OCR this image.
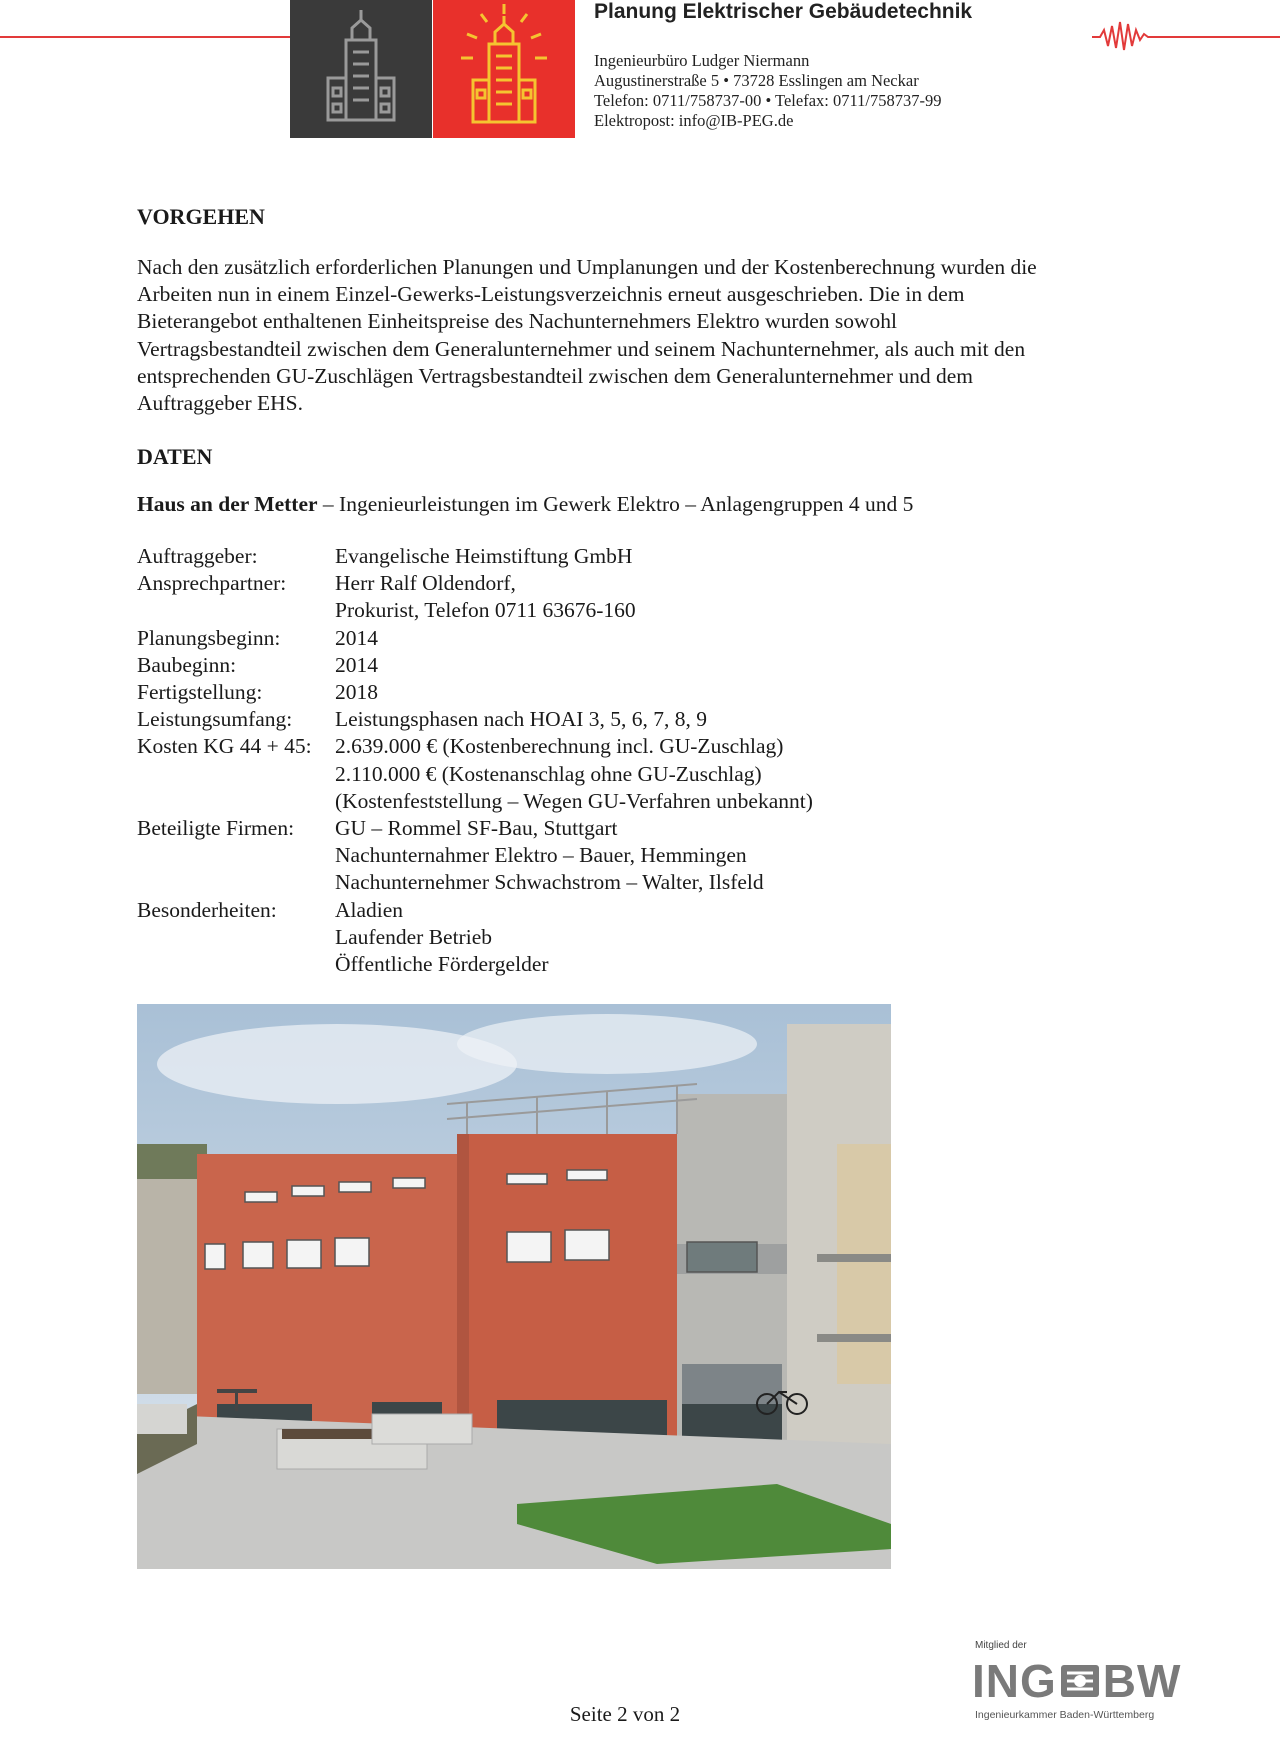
Planung Elektrischer Gebäudetechnik
Ingenieurbüro Ludger Niermann
Augustinerstraße 5 • 73728 Esslingen am Neckar
Telefon: 0711/758737-00 • Telefax: 0711/758737-99
Elektropost: info@IB-PEG.de
VORGEHEN
Nach den zusätzlich erforderlichen Planungen und Umplanungen und der Kostenberechnung wurden die
Arbeiten nun in einem Einzel-Gewerks-Leistungsverzeichnis erneut ausgeschrieben. Die in dem
Bieterangebot enthaltenen Einheitspreise des Nachunternehmers Elektro wurden sowohl
Vertragsbestandteil zwischen dem Generalunternehmer und seinem Nachunternehmer, als auch mit den
entsprechenden GU-Zuschlägen Vertragsbestandteil zwischen dem Generalunternehmer und dem
Auftraggeber EHS.
DATEN
Haus an der Metter – Ingenieurleistungen im Gewerk Elektro – Anlagengruppen 4 und 5
Auftraggeber:	Evangelische Heimstiftung GmbH
Ansprechpartner:	Herr Ralf Oldendorf,
Prokurist, Telefon 0711 63676-160
Planungsbeginn:	2014
Baubeginn:	2014
Fertigstellung:	2018
Leistungsumfang:	Leistungsphasen nach HOAI 3, 5, 6, 7, 8, 9
Kosten KG 44 + 45:	2.639.000 € (Kostenberechnung incl. GU-Zuschlag)
2.110.000 € (Kostenanschlag ohne GU-Zuschlag)
(Kostenfeststellung – Wegen GU-Verfahren unbekannt)
Beteiligte Firmen:	GU – Rommel SF-Bau, Stuttgart
Nachunternahmer Elektro – Bauer, Hemmingen
Nachunternehmer Schwachstrom – Walter, Ilsfeld
Besonderheiten:	Aladien
Laufender Betrieb
Öffentliche Fördergelder
Mitglied der
ING BW
Ingenieurkammer Baden-Württemberg
Seite 2 von 2
